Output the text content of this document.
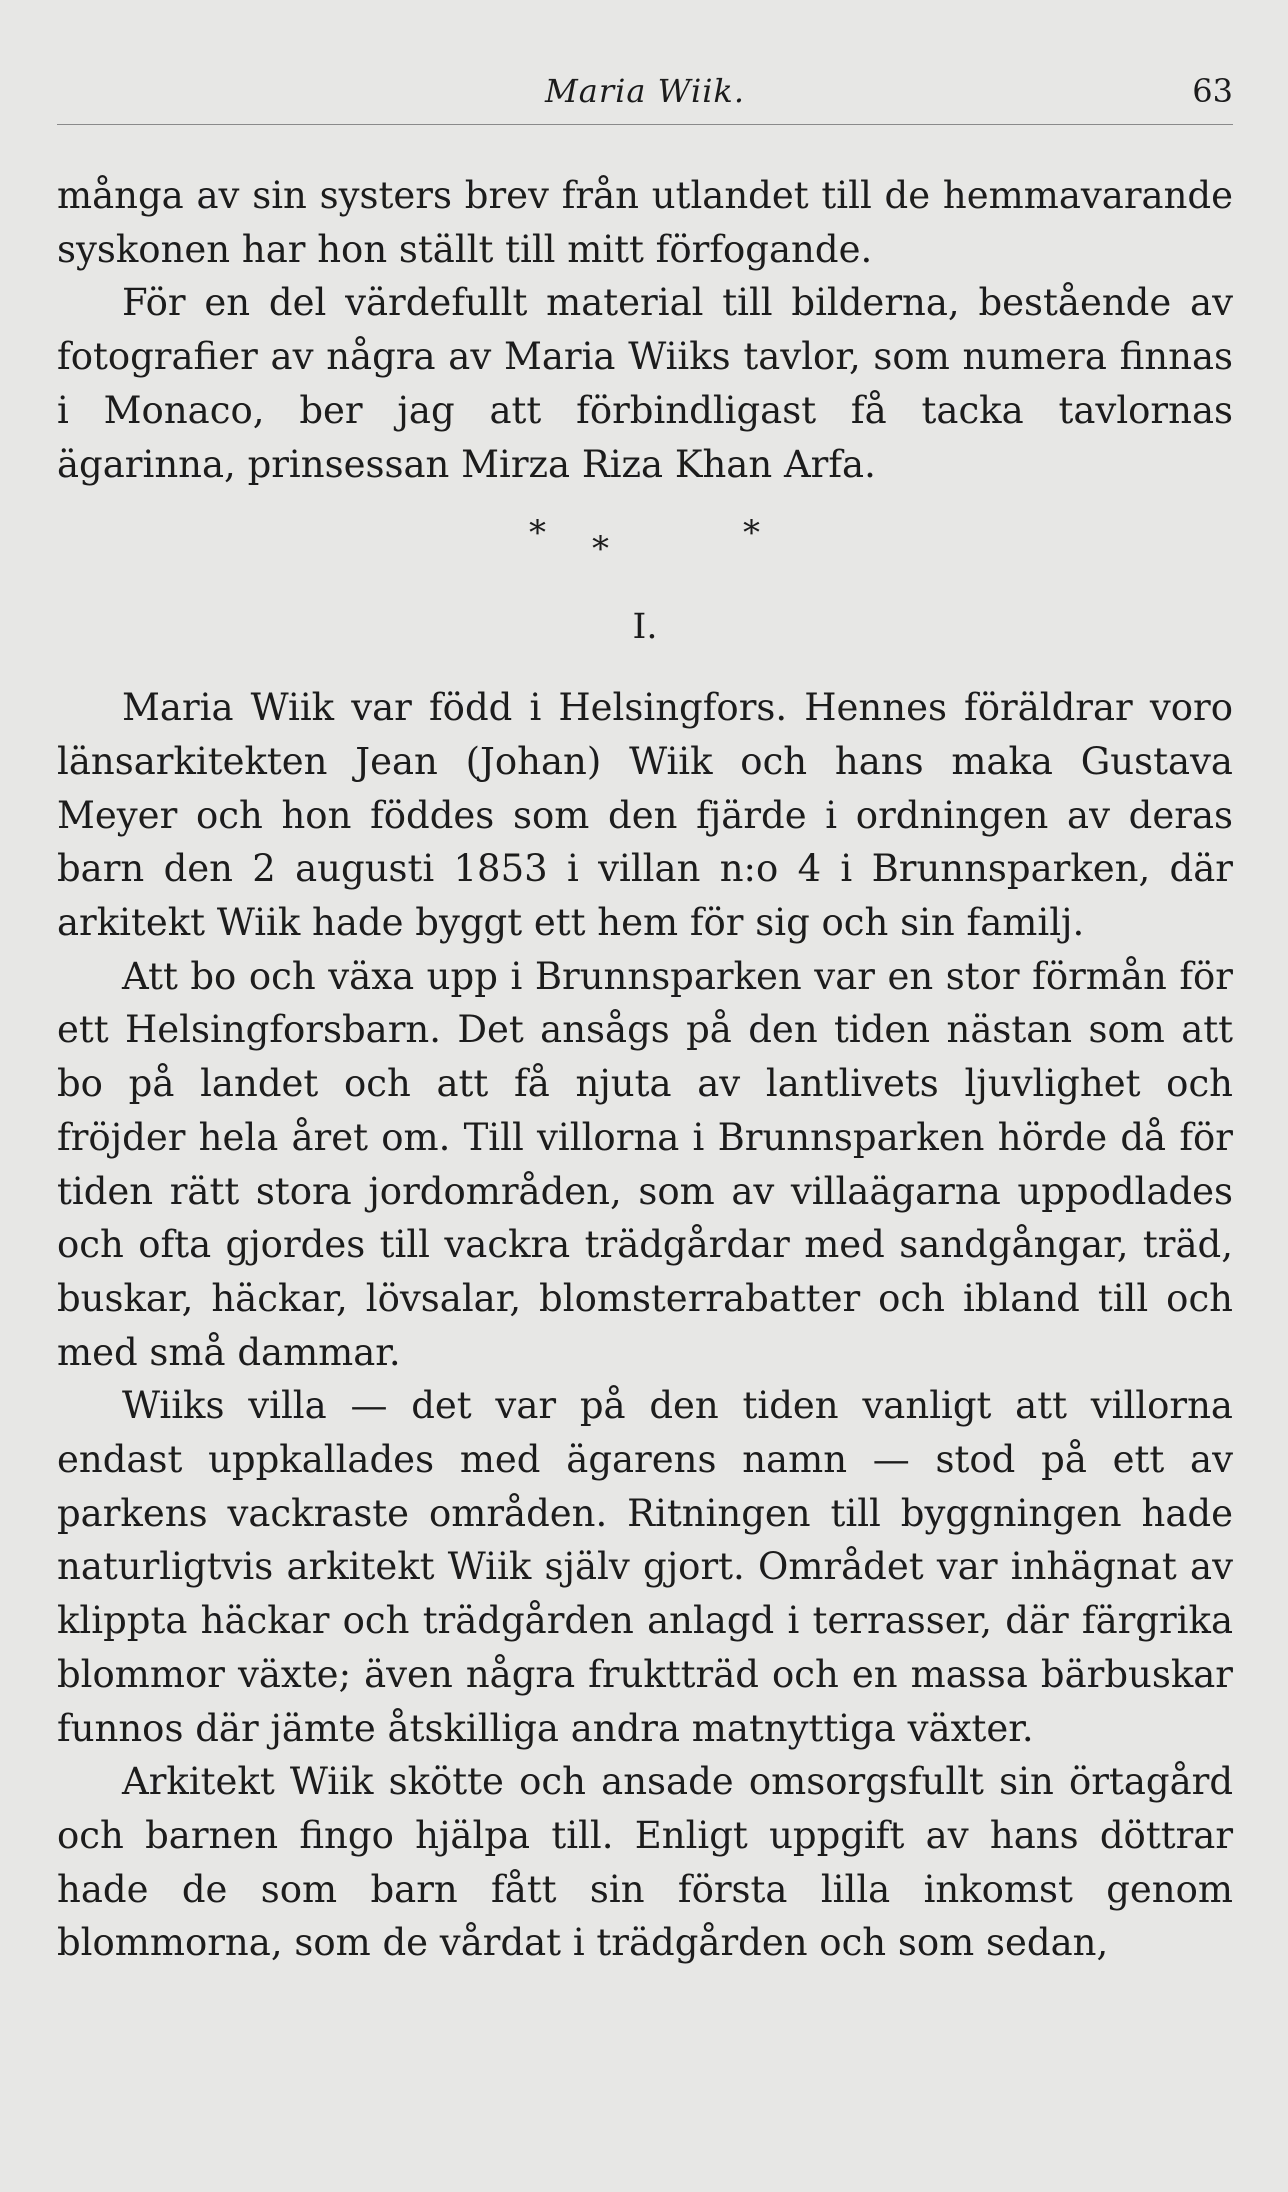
Maria Wiik.	63

många av sin systers brev från utlandet till de hemmavarande syskonen har hon ställt till mitt förfogande.

För en del värdefullt material till bilderna, bestående av fotografier av några av Maria Wiiks tavlor, som numera finnas i Monaco, ber jag att förbindligast få tacka tavlornas ägarinna, prinsessan Mirza Riza Khan Arfa.

* *	*
I.

Maria Wiik var född i Helsingfors. Hennes föräldrar voro länsarkitekten Jean (Johan) Wiik och hans maka Gustava Meyer och hon föddes som den fjärde i ordningen av deras barn den 2 augusti 1853 i villan n:o 4 i Brunnsparken, där arkitekt Wiik hade byggt ett hem för sig och sin familj.

Att bo och växa upp i Brunnsparken var en stor förmån för ett Helsingforsbarn. Det ansågs på den tiden nästan som att bo på landet och att få njuta av lantlivets ljuvlighet och fröjder hela året om. Till villorna i Brunnsparken hörde då för tiden rätt stora jordområden, som av villaägarna uppodlades och ofta gjordes till vackra trädgårdar med sandgångar, träd, buskar, häckar, lövsalar, blomsterrabatter och ibland till och med små dammar.

Wiiks villa — det var på den tiden vanligt att villorna endast uppkallades med ägarens namn — stod på ett av parkens vackraste områden. Ritningen till byggningen hade naturligtvis arkitekt Wiik själv gjort. Området var inhägnat av klippta häckar och trädgården anlagd i terrasser, där färgrika blommor växte; även några fruktträd och en massa bärbuskar funnos där jämte åtskilliga andra matnyttiga växter.

Arkitekt Wiik skötte och ansade omsorgsfullt sin örtagård och barnen fingo hjälpa till. Enligt uppgift av hans döttrar hade de som barn fått sin första lilla inkomst genom blommorna, som de vårdat i trädgården och som sedan,
